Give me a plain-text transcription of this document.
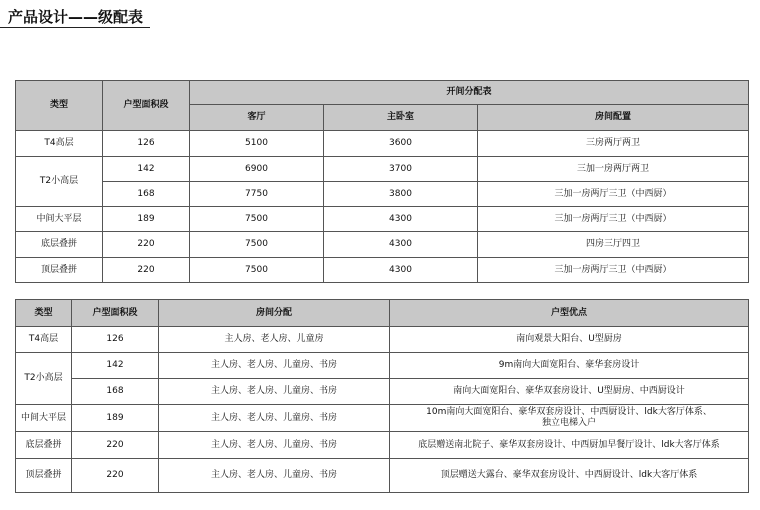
产品设计——级配表
类型	户型面积段	开间分配表		
		客厅	主卧室	房间配置
T4高层	126	5100	3600	三房两厅两卫
T2小高层	142	6900	3700	三加一房两厅两卫
	168	7750	3800	三加一房两厅三卫（中西厨）
中间大平层	189	7500	4300	三加一房两厅三卫（中西厨）
底层叠拼	220	7500	4300	四房三厅四卫
顶层叠拼	220	7500	4300	三加一房两厅三卫（中西厨）
类型	户型面积段	房间分配	户型优点
T4高层	126	主人房、老人房、儿童房	南向观景大阳台、U型厨房
T2小高层	142	主人房、老人房、儿童房、书房	9m南向大面宽阳台、豪华套房设计
	168	主人房、老人房、儿童房、书房	南向大面宽阳台、豪华双套房设计、U型厨房、中西厨设计
中间大平层	189	主人房、老人房、儿童房、书房	10m南向大面宽阳台、豪华双套房设计、中西厨设计、ldk大客厅体系、
独立电梯入户

底层叠拼	220	主人房、老人房、儿童房、书房	底层赠送南北院子、豪华双套房设计、中西厨加早餐厅设计、ldk大客厅体系
顶层叠拼	220	主人房、老人房、儿童房、书房	顶层赠送大露台、豪华双套房设计、中西厨设计、ldk大客厅体系
